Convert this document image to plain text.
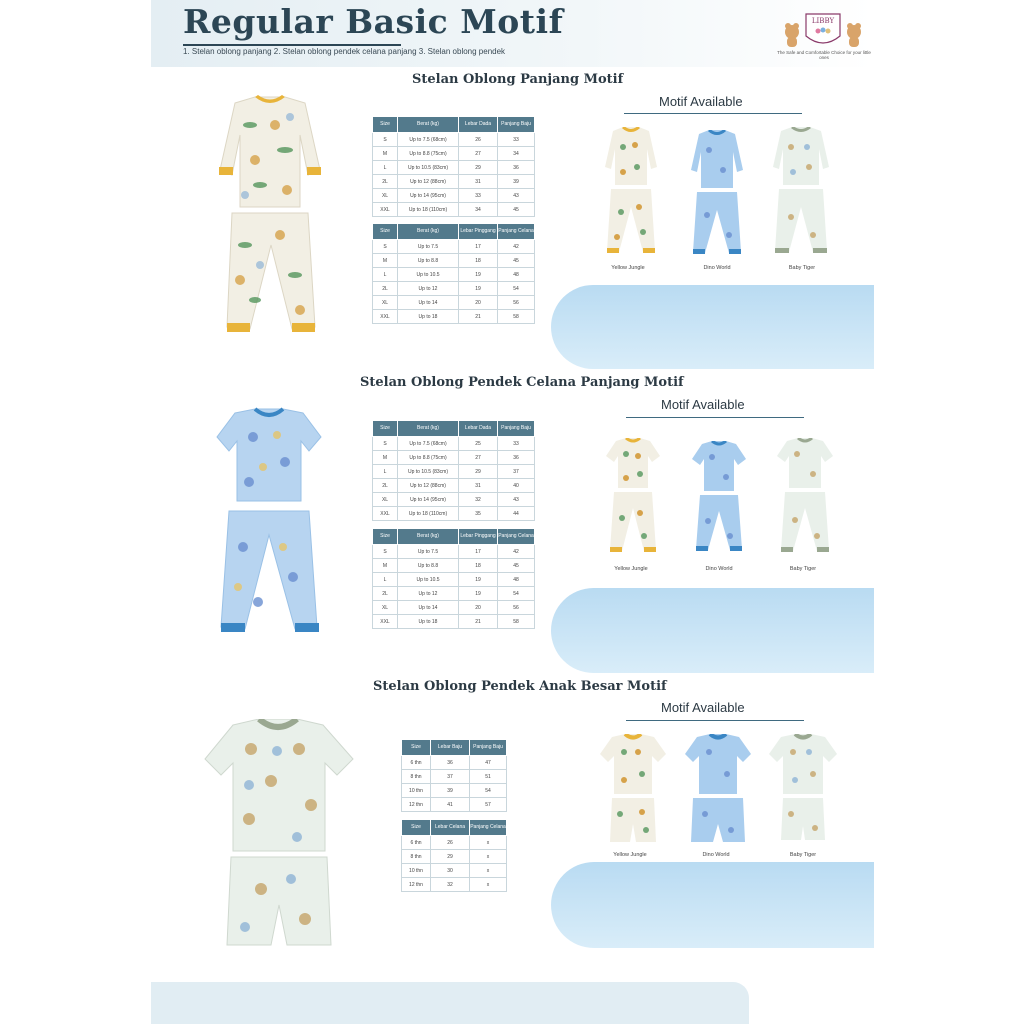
Regular Basic Motif
1. Stelan oblong panjang 2. Stelan oblong pendek celana panjang 3. Stelan oblong pendek
LIBBY
The Safe and Comfortable Choice for your little ones
Stelan Oblong Panjang Motif
Size	Berat (kg)	Lebar Dada	Panjang Baju
S	Up to 7.5 (68cm)	26	33
M	Up to 8.8 (75cm)	27	34
L	Up to 10.5 (83cm)	29	36
2L	Up to 12 (88cm)	31	39
XL	Up to 14 (95cm)	33	43
XXL	Up to 18 (110cm)	34	45
Size	Berat (kg)	Lebar Pinggang	Panjang Celana
S	Up to 7.5	17	42
M	Up to 8.8	18	45
L	Up to 10.5	19	48
2L	Up to 12	19	54
XL	Up to 14	20	56
XXL	Up to 18	21	58
Motif Available
Yellow Jungle	Dino World	Baby Tiger
Stelan Oblong Pendek Celana Panjang Motif
Size	Berat (kg)	Lebar Dada	Panjang Baju
S	Up to 7.5 (68cm)	25	33
M	Up to 8.8 (75cm)	27	36
L	Up to 10.5 (83cm)	29	37
2L	Up to 12 (88cm)	31	40
XL	Up to 14 (95cm)	32	43
XXL	Up to 18 (110cm)	35	44
Size	Berat (kg)	Lebar Pinggang	Panjang Celana
S	Up to 7.5	17	42
M	Up to 8.8	18	45
L	Up to 10.5	19	48
2L	Up to 12	19	54
XL	Up to 14	20	56
XXL	Up to 18	21	58
Motif Available
Yellow Jungle	Dino World	Baby Tiger
Stelan Oblong Pendek Anak Besar Motif
Size	Lebar Baju	Panjang Baju
6 thn	36	47
8 thn	37	51
10 thn	39	54
12 thn	41	57
Size	Lebar Celana	Panjang Celana
6 thn	26	x
8 thn	29	x
10 thn	30	x
12 thn	32	x
Motif Available
Yellow Jungle	Dino World	Baby Tiger
